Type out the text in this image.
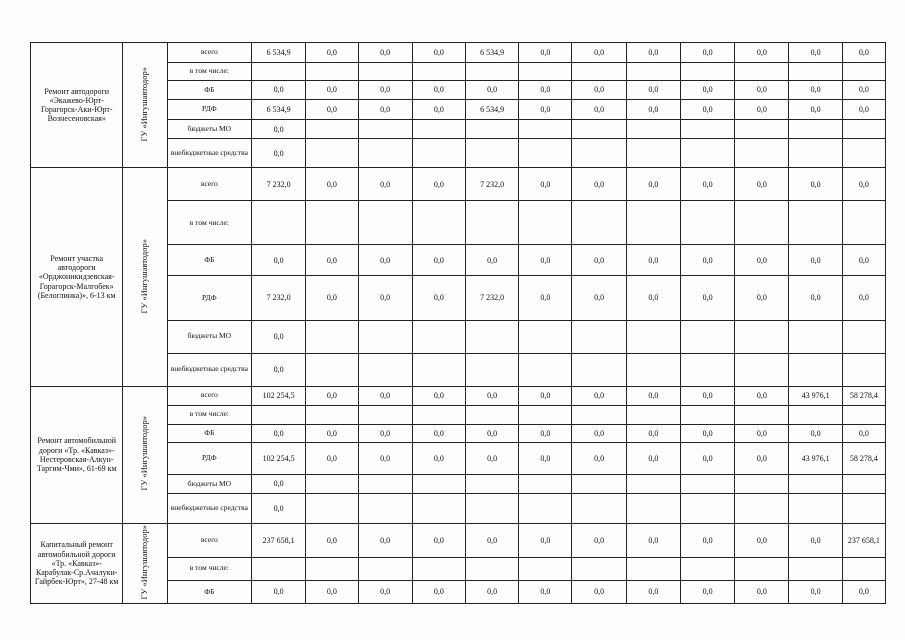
Ремонт автодороги «Экажево-Юрт-Горагорск-Аки-Юрт-Вознесеновская»	ГУ «Ингушавтодор»	всего	6 534,9	0,0	0,0	0,0	6 534,9	0,0	0,0	0,0	0,0	0,0	0,0	0,0
		в том числе:												
		ФБ	0,0	0,0	0,0	0,0	0,0	0,0	0,0	0,0	0,0	0,0	0,0	0,0
		РДФ	6 534,9	0,0	0,0	0,0	6 534,9	0,0	0,0	0,0	0,0	0,0	0,0	0,0
		бюджеты МО	0,0											
		внебюджетные средства	0,0											
Ремонт участка автодороги «Орджоникидзевская-Горагорск-Малгобек» (Белоглинка)», 6-13 км	ГУ «Ингушавтодор»	всего	7 232,0	0,0	0,0	0,0	7 232,0	0,0	0,0	0,0	0,0	0,0	0,0	0,0
		в том числе:												
		ФБ	0,0	0,0	0,0	0,0	0,0	0,0	0,0	0,0	0,0	0,0	0,0	0,0
		РДФ	7 232,0	0,0	0,0	0,0	7 232,0	0,0	0,0	0,0	0,0	0,0	0,0	0,0
		бюджеты МО	0,0											
		внебюджетные средства	0,0											
Ремонт автомобильной дороги «Тр. «Кавказ»-Нестеровская-Алкун-Таргим-Чми», 61-69 км	ГУ «Ингушавтодор»	всего	102 254,5	0,0	0,0	0,0	0,0	0,0	0,0	0,0	0,0	0,0	43 976,1	58 278,4
		в том числе:												
		ФБ	0,0	0,0	0,0	0,0	0,0	0,0	0,0	0,0	0,0	0,0	0,0	0,0
		РДФ	102 254,5	0,0	0,0	0,0	0,0	0,0	0,0	0,0	0,0	0,0	43 976,1	58 278,4
		бюджеты МО	0,0											
		внебюджетные средства	0,0											
Капитальный ремонт автомобильной дороги «Тр. «Кавказ»-Карабулак-Ср.Ачалуки-Гайрбек-Юрт», 27-48 км	ГУ «Ингушавтодор»	всего	237 658,1	0,0	0,0	0,0	0,0	0,0	0,0	0,0	0,0	0,0	0,0	237 658,1
		в том числе:												
		ФБ	0,0	0,0	0,0	0,0	0,0	0,0	0,0	0,0	0,0	0,0	0,0	0,0
